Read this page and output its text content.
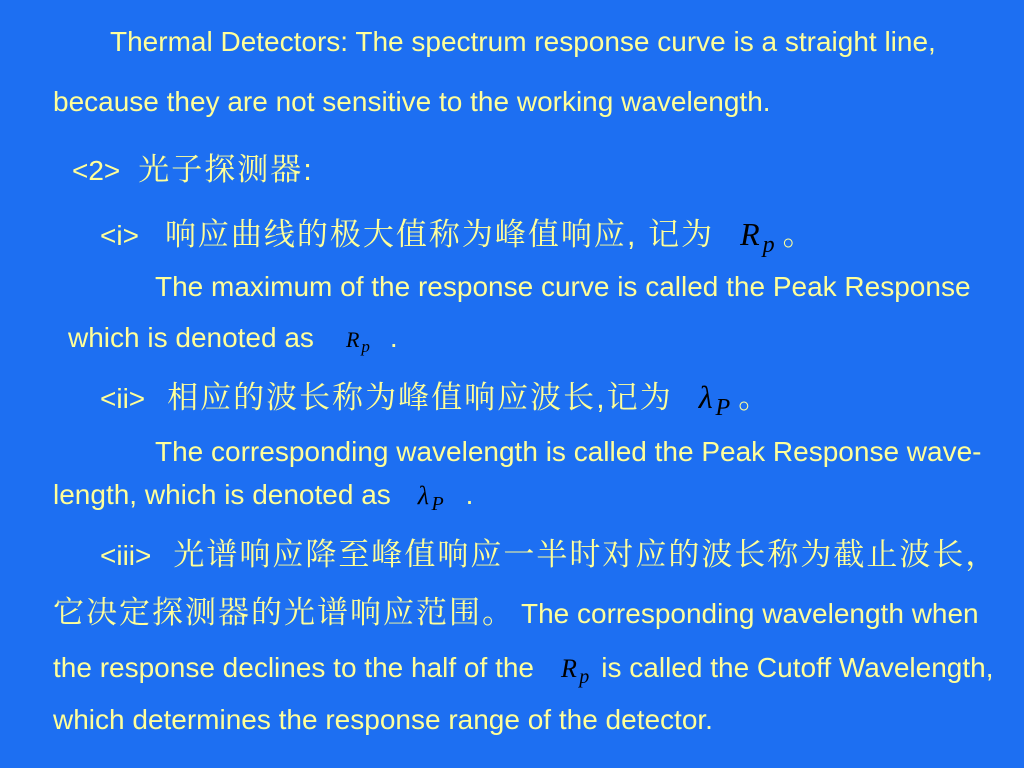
Thermal Detectors: The spectrum response curve is a straight line,
because they are not sensitive to the working wavelength.
<2> 光子探测器:
<i> 响应曲线的极大值称为峰值响应, 记为 R p 。
The maximum of the response curve is called the Peak Response
which is denoted as R p .
<ii> 相应的波长称为峰值响应波长,记为 λ P 。
The corresponding wavelength is called the Peak Response wave-
length, which is denoted as λ P .
<iii> 光谱响应降至峰值响应一半时对应的波长称为截止波长，
它决定探测器的光谱响应范围。 The corresponding wavelength when
the response declines to the half of the R p is called the Cutoff Wavelength,
which determines the response range of the detector.
